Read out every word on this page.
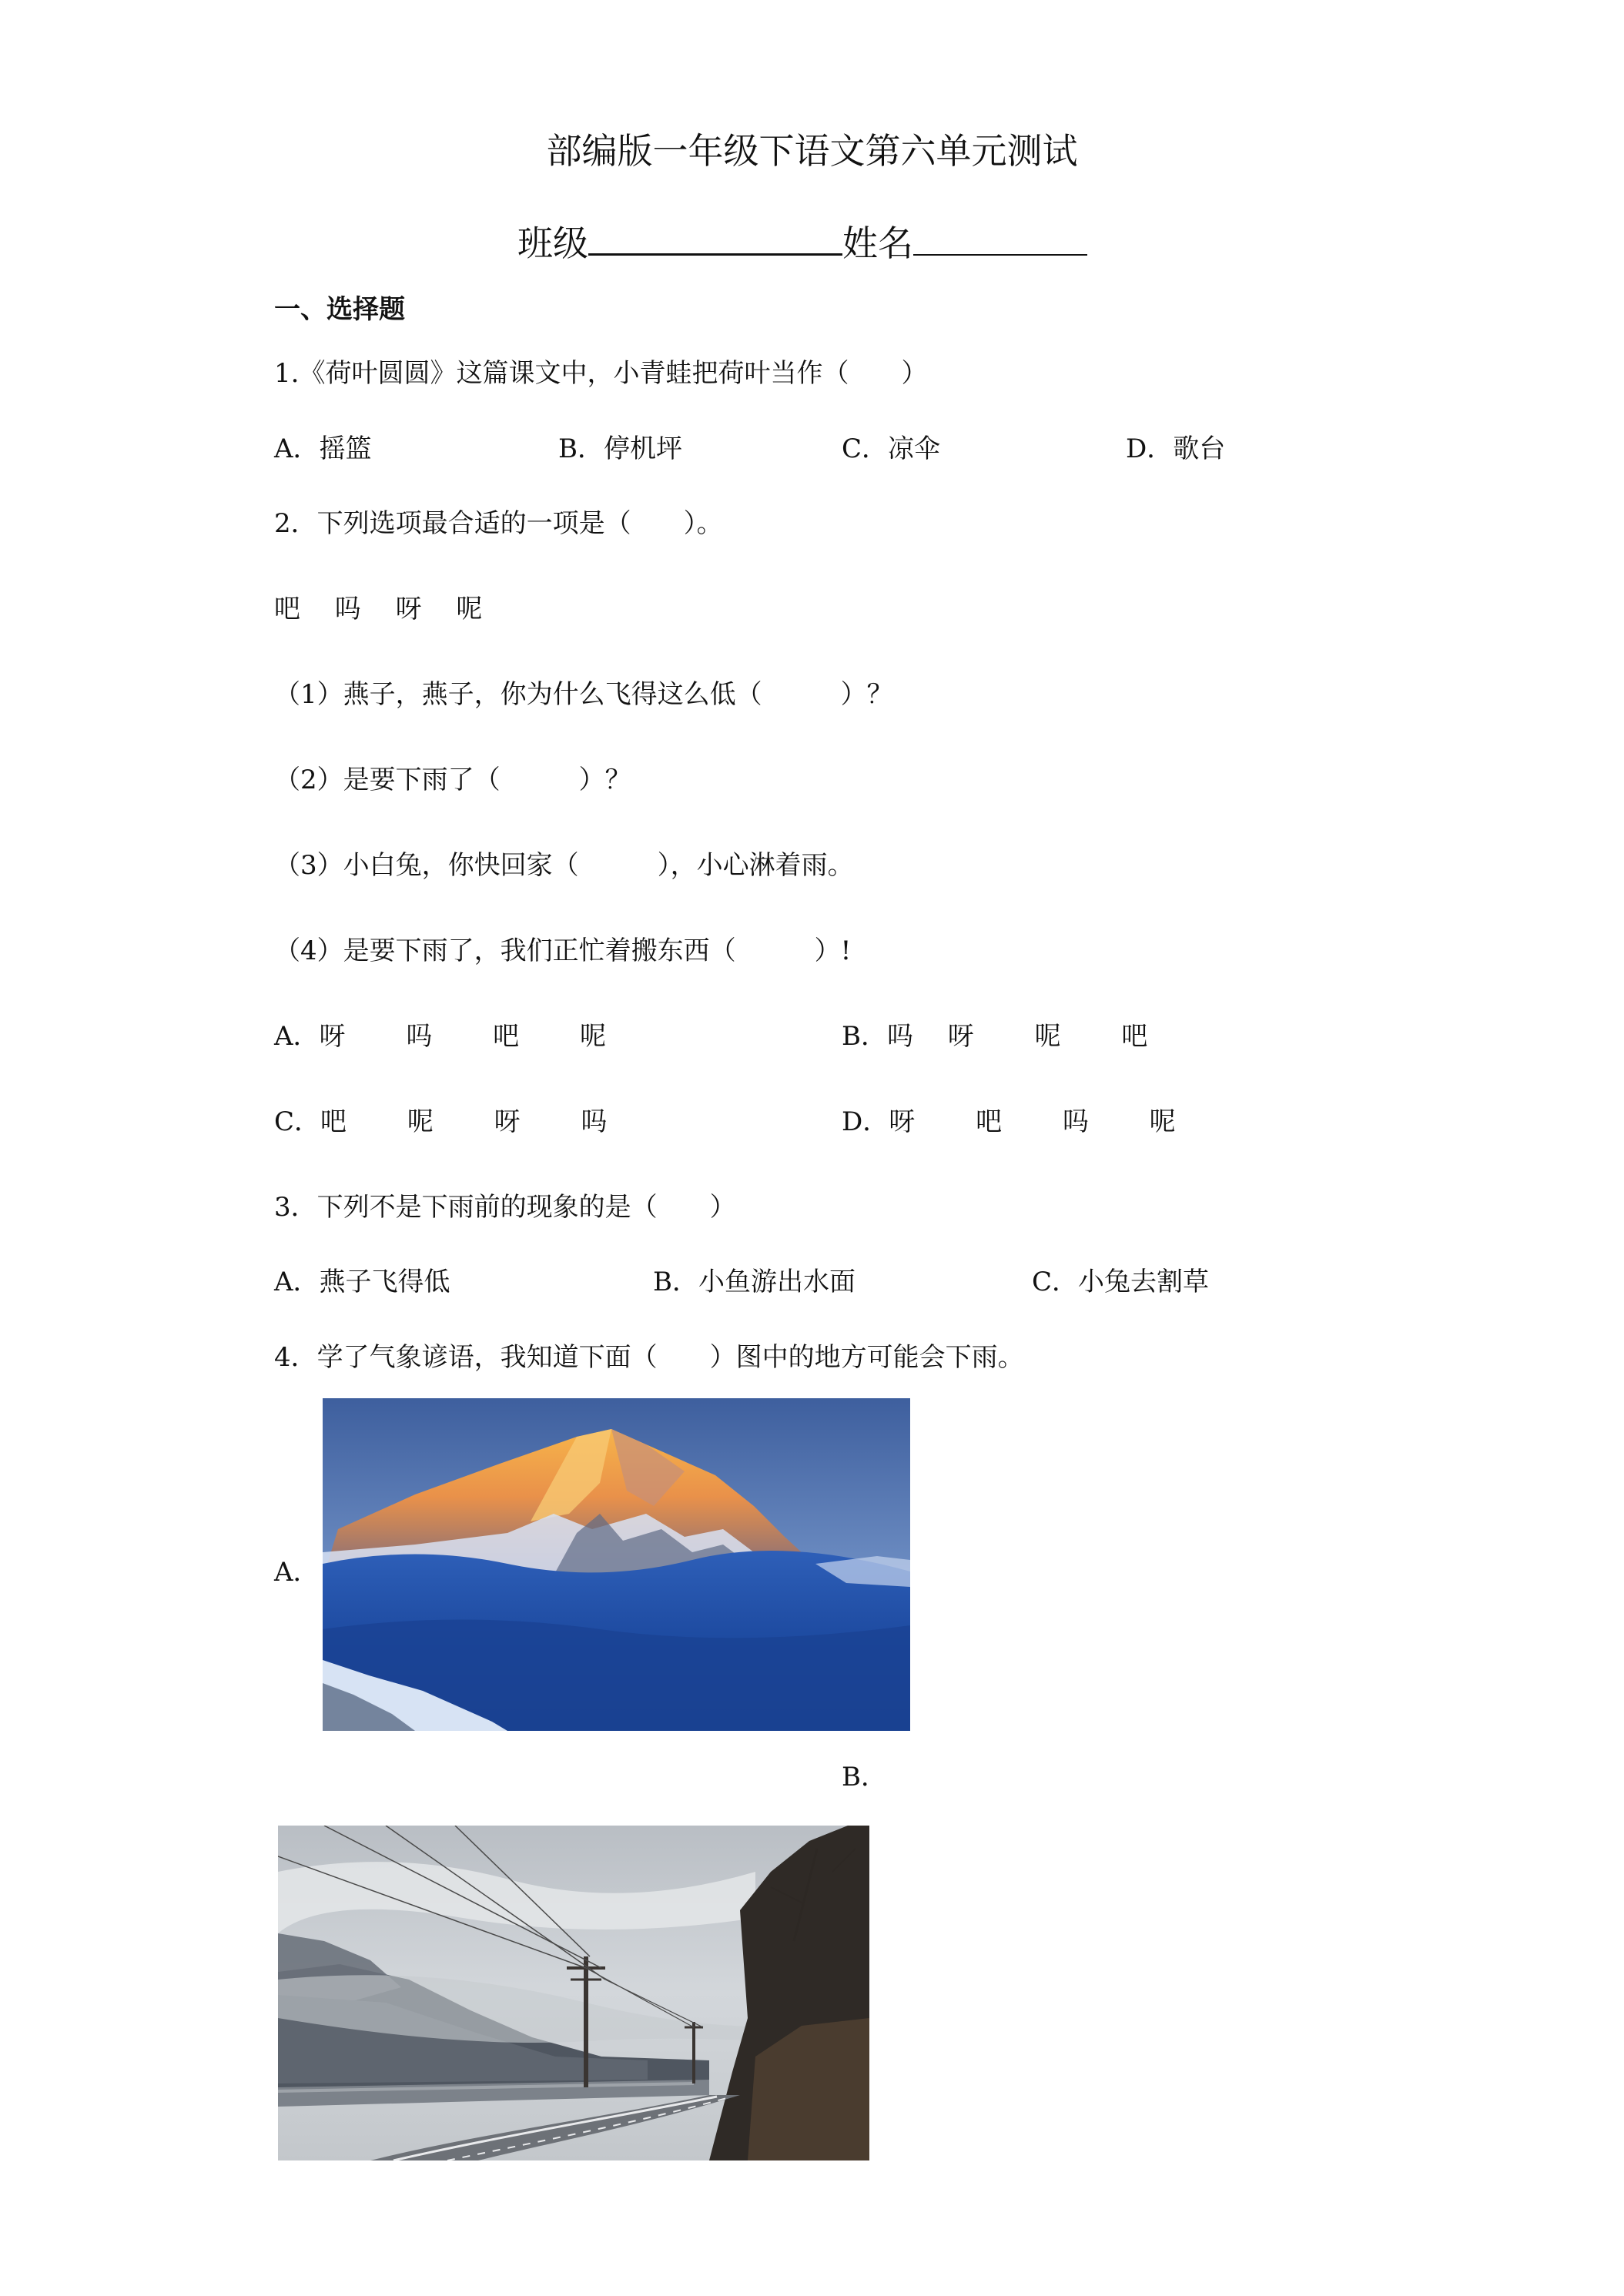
部编版一年级下语文第六单元测试
班级	姓名
一、选择题
1.《荷叶圆圆》这篇课文中，小青蛙把荷叶当作（　　）
A．摇篮	B．停机坪	C．凉伞	D．歌台
2．下列选项最合适的一项是（　　）。
吧　 吗　 呀　 呢
（1）燕子，燕子，你为什么飞得这么低（　　　）？
（2）是要下雨了（　　　）？
（3）小白兔，你快回家（　　　），小心淋着雨。
（4）是要下雨了，我们正忙着搬东西（　　　）!
A．呀　　 吗　　 吧　　 呢	B．吗　 呀　　 呢　　 吧
C．吧　　 呢　　 呀　　 吗	D．呀　　 吧　　 吗　　 呢
3．下列不是下雨前的现象的是（　　）
A．燕子飞得低	B．小鱼游出水面	C．小兔去割草
4．学了气象谚语，我知道下面（　　）图中的地方可能会下雨。
A．
B．
